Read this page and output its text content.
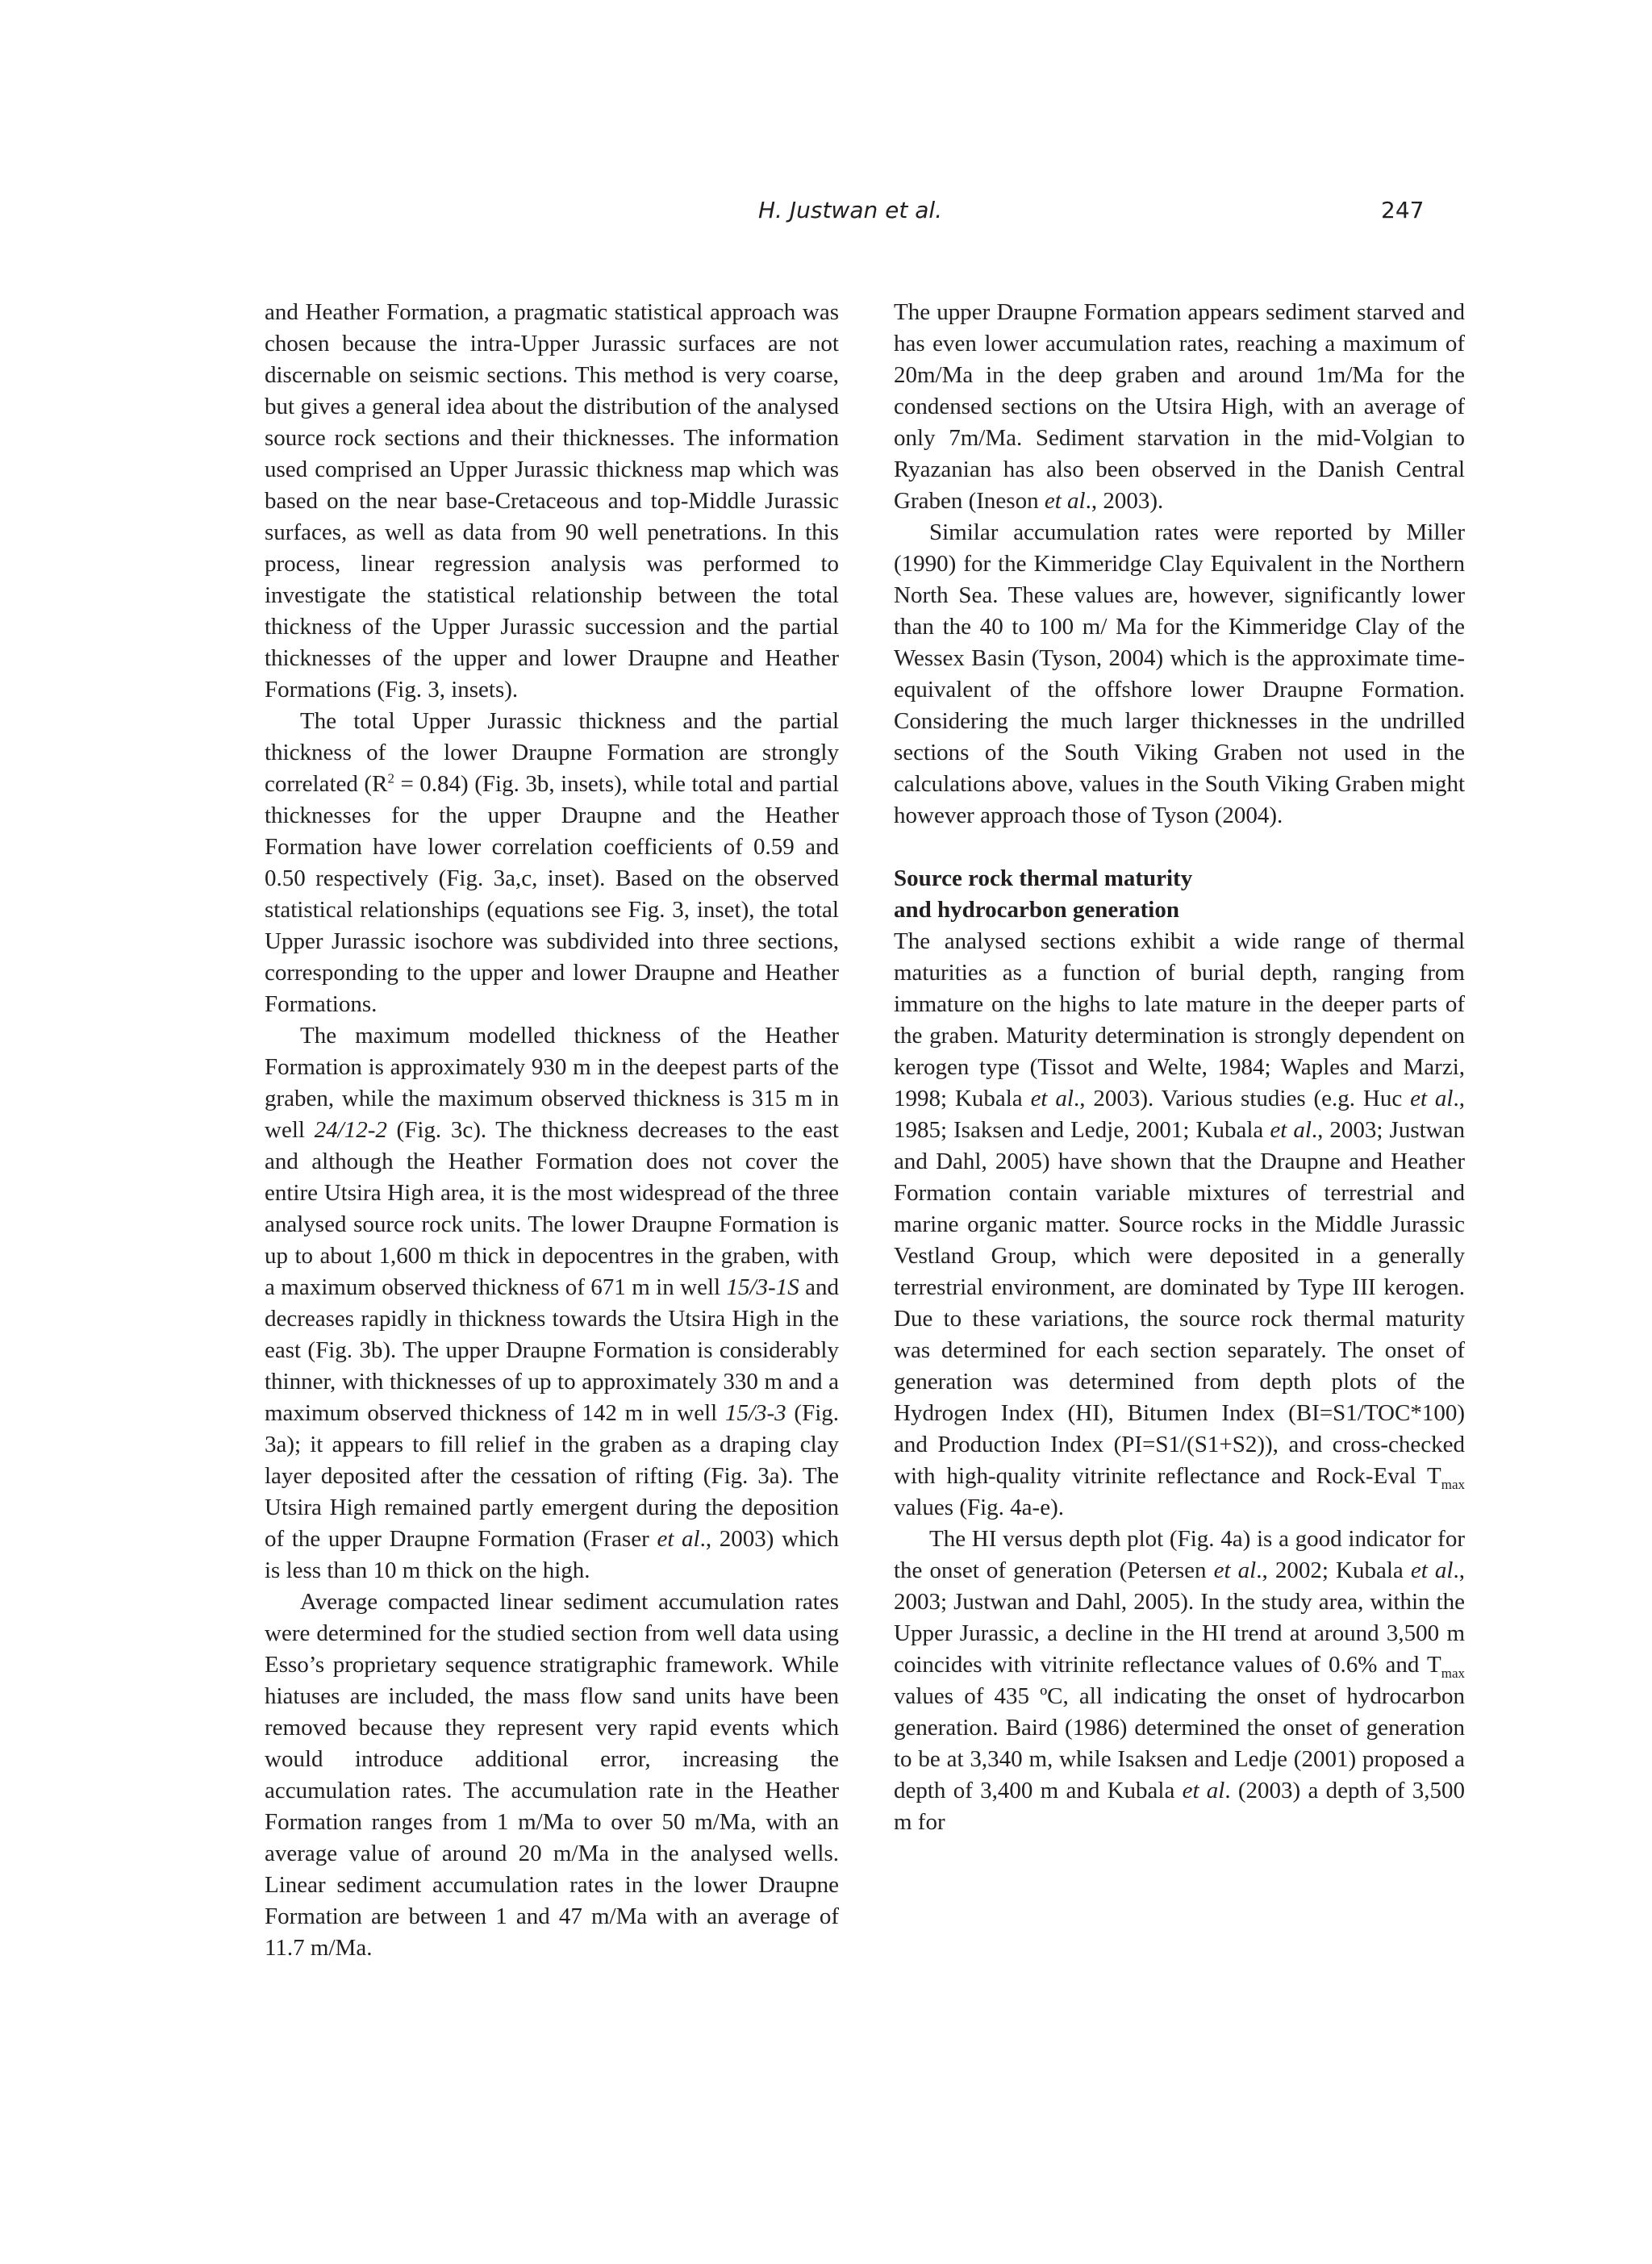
H. Justwan et al.	247

and Heather Formation, a pragmatic statistical approach was chosen because the intra-Upper Jurassic surfaces are not discernable on seismic sections. This method is very coarse, but gives a general idea about the distribution of the analysed source rock sections and their thicknesses. The information used comprised an Upper Jurassic thickness map which was based on the near base-Cretaceous and top-Middle Jurassic surfaces, as well as data from 90 well penetrations. In this process, linear regression analysis was performed to investigate the statistical relationship between the total thickness of the Upper Jurassic succession and the partial thicknesses of the upper and lower Draupne and Heather Formations (Fig. 3, insets).

The total Upper Jurassic thickness and the partial thickness of the lower Draupne Formation are strongly correlated $(R^2 = 0.84)$ (Fig. 3b, insets), while total and partial thicknesses for the upper Draupne and the Heather Formation have lower correlation coefficients of 0.59 and 0.50 respectively (Fig. 3a,c, inset). Based on the observed statistical relationships (equations see Fig. 3, inset), the total Upper Jurassic isochore was subdivided into three sections, corresponding to the upper and lower Draupne and Heather Formations.

The maximum modelled thickness of the Heather Formation is approximately 930 m in the deepest parts of the graben, while the maximum observed thickness is 315 m in well 24/12-2 (Fig. 3c). The thickness decreases to the east and although the Heather Formation does not cover the entire Utsira High area, it is the most widespread of the three analysed source rock units. The lower Draupne Formation is up to about 1,600 m thick in depocentres in the graben, with a maximum observed thickness of 671 m in well 15/3-1S and decreases rapidly in thickness towards the Utsira High in the east (Fig. 3b). The upper Draupne Formation is considerably thinner, with thicknesses of up to approximately 330 m and a maximum observed thickness of 142 m in well 15/3-3 (Fig. 3a); it appears to fill relief in the graben as a draping clay layer deposited after the cessation of rifting (Fig. 3a). The Utsira High remained partly emergent during the deposition of the upper Draupne Formation (Fraser et al., 2003) which is less than 10 m thick on the high.

Average compacted linear sediment accumulation rates were determined for the studied section from well data using Esso’s proprietary sequence stratigraphic framework. While hiatuses are included, the mass flow sand units have been removed because they represent very rapid events which would introduce additional error, increasing the accumulation rates. The accumulation rate in the Heather Formation ranges from 1 m/Ma to over 50 m/Ma, with an average value of around 20 m/Ma in the analysed wells. Linear sediment accumulation rates in the lower Draupne Formation are between 1 and 47 m/Ma with an average of 11.7 m/Ma.

The upper Draupne Formation appears sediment starved and has even lower accumulation rates, reaching a maximum of 20m/Ma in the deep graben and around 1m/Ma for the condensed sections on the Utsira High, with an average of only 7m/Ma. Sediment starvation in the mid-Volgian to Ryazanian has also been observed in the Danish Central Graben (Ineson et al., 2003).

Similar accumulation rates were reported by Miller (1990) for the Kimmeridge Clay Equivalent in the Northern North Sea. These values are, however, significantly lower than the 40 to 100 m/ Ma for the Kimmeridge Clay of the Wessex Basin (Tyson, 2004) which is the approximate time-equivalent of the offshore lower Draupne Formation. Considering the much larger thicknesses in the undrilled sections of the South Viking Graben not used in the calculations above, values in the South Viking Graben might however approach those of Tyson (2004).

Source rock thermal maturity
and hydrocarbon generation

The analysed sections exhibit a wide range of thermal maturities as a function of burial depth, ranging from immature on the highs to late mature in the deeper parts of the graben. Maturity determination is strongly dependent on kerogen type (Tissot and Welte, 1984; Waples and Marzi, 1998; Kubala et al., 2003). Various studies (e.g. Huc et al., 1985; Isaksen and Ledje, 2001; Kubala et al., 2003; Justwan and Dahl, 2005) have shown that the Draupne and Heather Formation contain variable mixtures of terrestrial and marine organic matter. Source rocks in the Middle Jurassic Vestland Group, which were deposited in a generally terrestrial environment, are dominated by Type III kerogen. Due to these variations, the source rock thermal maturity was determined for each section separately. The onset of generation was determined from depth plots of the Hydrogen Index (HI), Bitumen Index (BI=S1/TOC*100) and Production Index (PI=S1/(S1+S2)), and cross-checked with high-quality vitrinite reflectance and Rock-Eval $T_{max}$ values (Fig. 4a-e).

The HI versus depth plot (Fig. 4a) is a good indicator for the onset of generation (Petersen et al., 2002; Kubala et al., 2003; Justwan and Dahl, 2005). In the study area, within the Upper Jurassic, a decline in the HI trend at around 3,500 m coincides with vitrinite reflectance values of 0.6% and $T_{max}$ values of 435 ºC, all indicating the onset of hydrocarbon generation. Baird (1986) determined the onset of generation to be at 3,340 m, while Isaksen and Ledje (2001) proposed a depth of 3,400 m and Kubala et al. (2003) a depth of 3,500 m for
